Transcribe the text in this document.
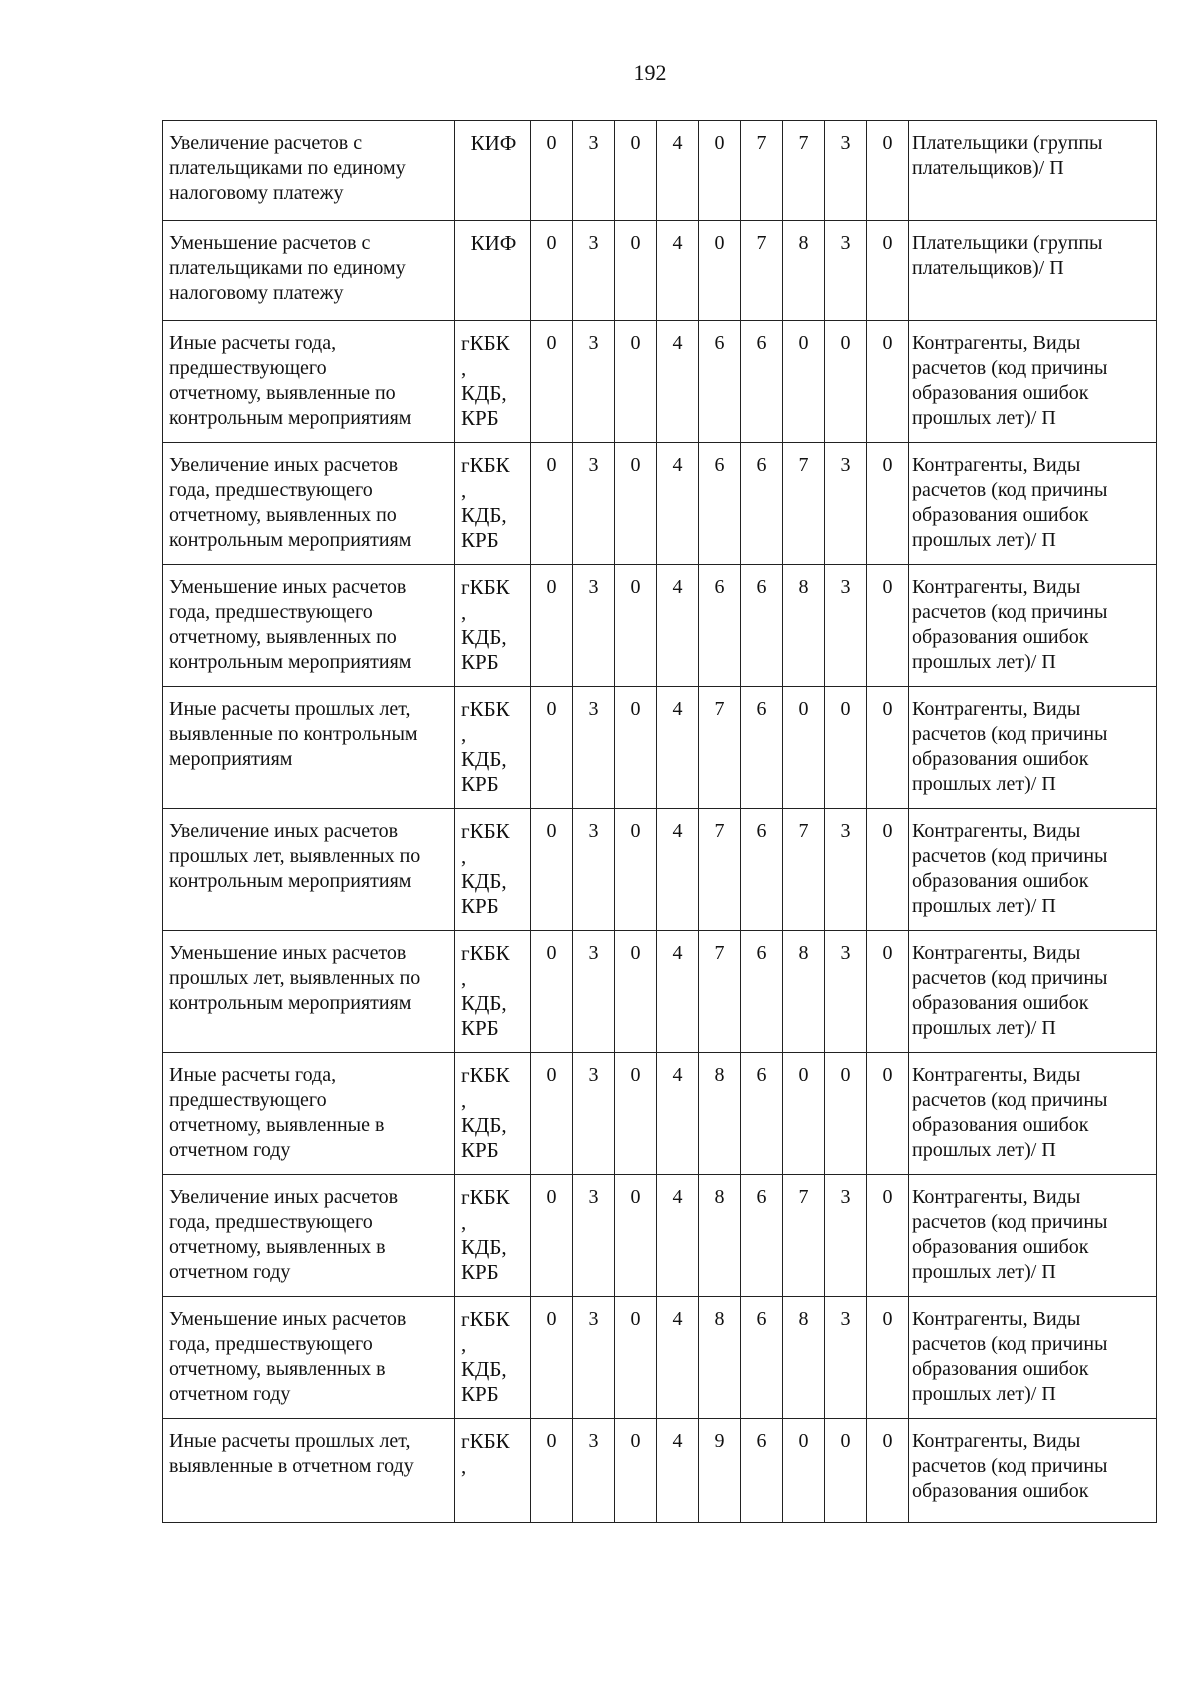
192
Увеличение расчетов с
плательщиками по единому
налоговому платежу	КИФ	0	3	0	4	0	7	7	3	0	Плательщики (группы
плательщиков)/ П
Уменьшение расчетов с
плательщиками по единому
налоговому платежу	КИФ	0	3	0	4	0	7	8	3	0	Плательщики (группы
плательщиков)/ П
Иные расчеты года,
предшествующего
отчетному, выявленные по
контрольным мероприятиям	гКБК
,
КДБ,
КРБ	0	3	0	4	6	6	0	0	0	Контрагенты, Виды
расчетов (код причины
образования ошибок
прошлых лет)/ П
Увеличение иных расчетов
года, предшествующего
отчетному, выявленных по
контрольным мероприятиям	гКБК
,
КДБ,
КРБ	0	3	0	4	6	6	7	3	0	Контрагенты, Виды
расчетов (код причины
образования ошибок
прошлых лет)/ П
Уменьшение иных расчетов
года, предшествующего
отчетному, выявленных по
контрольным мероприятиям	гКБК
,
КДБ,
КРБ	0	3	0	4	6	6	8	3	0	Контрагенты, Виды
расчетов (код причины
образования ошибок
прошлых лет)/ П
Иные расчеты прошлых лет,
выявленные по контрольным
мероприятиям	гКБК
,
КДБ,
КРБ	0	3	0	4	7	6	0	0	0	Контрагенты, Виды
расчетов (код причины
образования ошибок
прошлых лет)/ П
Увеличение иных расчетов
прошлых лет, выявленных по
контрольным мероприятиям	гКБК
,
КДБ,
КРБ	0	3	0	4	7	6	7	3	0	Контрагенты, Виды
расчетов (код причины
образования ошибок
прошлых лет)/ П
Уменьшение иных расчетов
прошлых лет, выявленных по
контрольным мероприятиям	гКБК
,
КДБ,
КРБ	0	3	0	4	7	6	8	3	0	Контрагенты, Виды
расчетов (код причины
образования ошибок
прошлых лет)/ П
Иные расчеты года,
предшествующего
отчетному, выявленные в
отчетном году	гКБК
,
КДБ,
КРБ	0	3	0	4	8	6	0	0	0	Контрагенты, Виды
расчетов (код причины
образования ошибок
прошлых лет)/ П
Увеличение иных расчетов
года, предшествующего
отчетному, выявленных в
отчетном году	гКБК
,
КДБ,
КРБ	0	3	0	4	8	6	7	3	0	Контрагенты, Виды
расчетов (код причины
образования ошибок
прошлых лет)/ П
Уменьшение иных расчетов
года, предшествующего
отчетному, выявленных в
отчетном году	гКБК
,
КДБ,
КРБ	0	3	0	4	8	6	8	3	0	Контрагенты, Виды
расчетов (код причины
образования ошибок
прошлых лет)/ П
Иные расчеты прошлых лет,
выявленные в отчетном году	гКБК
,	0	3	0	4	9	6	0	0	0	Контрагенты, Виды
расчетов (код причины
образования ошибок
